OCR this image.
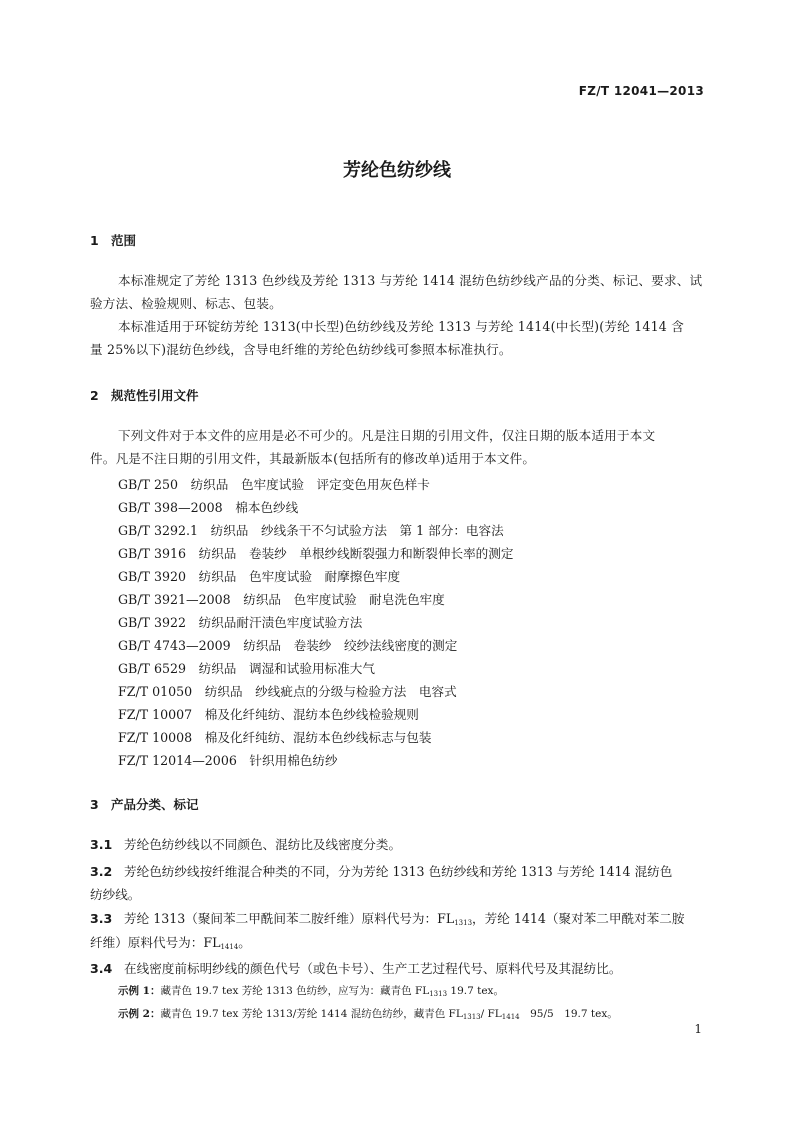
FZ/T 12041—2013
芳纶色纺纱线
1 范围
本标准规定了芳纶 1313 色纱线及芳纶 1313 与芳纶 1414 混纺色纺纱线产品的分类、标记、要求、试
验方法、检验规则、标志、包装。
本标准适用于环锭纺芳纶 1313(中长型)色纺纱线及芳纶 1313 与芳纶 1414(中长型)(芳纶 1414 含
量 25%以下)混纺色纱线，含导电纤维的芳纶色纺纱线可参照本标准执行。
2 规范性引用文件
下列文件对于本文件的应用是必不可少的。凡是注日期的引用文件，仅注日期的版本适用于本文
件。凡是不注日期的引用文件，其最新版本(包括所有的修改单)适用于本文件。
GB/T 250　纺织品　色牢度试验　评定变色用灰色样卡
GB/T 398—2008　棉本色纱线
GB/T 3292.1　纺织品　纱线条干不匀试验方法　第 1 部分：电容法
GB/T 3916　纺织品　卷装纱　单根纱线断裂强力和断裂伸长率的测定
GB/T 3920　纺织品　色牢度试验　耐摩擦色牢度
GB/T 3921—2008　纺织品　色牢度试验　耐皂洗色牢度
GB/T 3922　纺织品耐汗渍色牢度试验方法
GB/T 4743—2009　纺织品　卷装纱　绞纱法线密度的测定
GB/T 6529　纺织品　调湿和试验用标准大气
FZ/T 01050　纺织品　纱线疵点的分级与检验方法　电容式
FZ/T 10007　棉及化纤纯纺、混纺本色纱线检验规则
FZ/T 10008　棉及化纤纯纺、混纺本色纱线标志与包装
FZ/T 12014—2006　针织用棉色纺纱
3 产品分类、标记
3.1 芳纶色纺纱线以不同颜色、混纺比及线密度分类。
3.2 芳纶色纺纱线按纤维混合种类的不同，分为芳纶 1313 色纺纱线和芳纶 1313 与芳纶 1414 混纺色
纺纱线。
3.3 芳纶 1313（聚间苯二甲酰间苯二胺纤维）原料代号为：$FL_{1313}$，芳纶 1414（聚对苯二甲酰对苯二胺
纤维）原料代号为：$FL_{1414}$。
3.4 在线密度前标明纱线的颜色代号（或色卡号）、生产工艺过程代号、原料代号及其混纺比。
示例 1：藏青色 19.7 tex 芳纶 1313 色纺纱，应写为：藏青色 $FL_{1313}$ 19.7 tex。
示例 2：藏青色 19.7 tex 芳纶 1313/芳纶 1414 混纺色纺纱，藏青色 $FL_{1313}/$ $FL_{1414}$　95/5　19.7 tex。
1
